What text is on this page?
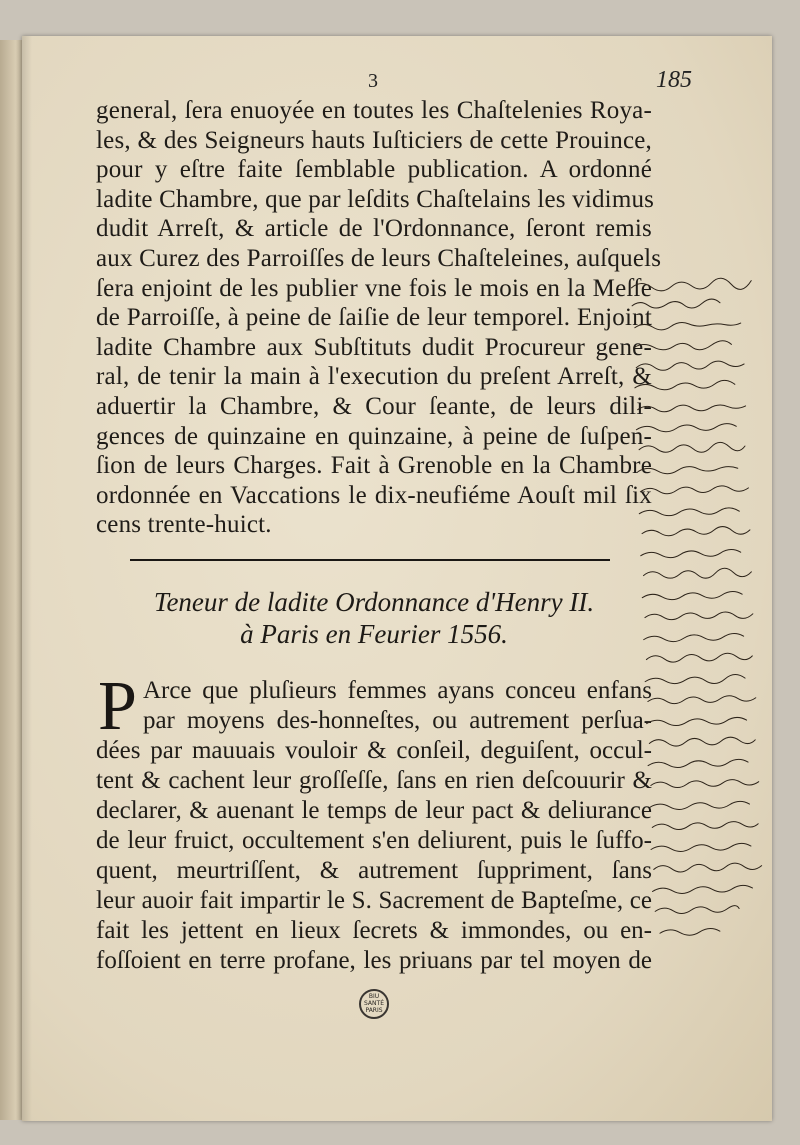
3	185
general, ſera enuoyée en toutes les Chaſtelenies Roya-
les, & des Seigneurs hauts Iuſticiers de cette Prouince,
pour y eſtre faite ſemblable publication. A ordonné
ladite Chambre, que par leſdits Chaſtelains les vidimus
dudit Arreſt, & article de l'Ordonnance, ſeront remis
aux Curez des Parroiſſes de leurs Chaſteleines, auſquels
ſera enjoint de les publier vne fois le mois en la Meſſe
de Parroiſſe, à peine de ſaiſie de leur temporel. Enjoint
ladite Chambre aux Subſtituts dudit Procureur gene-
ral, de tenir la main à l'execution du preſent Arreſt, &
aduertir la Chambre, & Cour ſeante, de leurs dili-
gences de quinzaine en quinzaine, à peine de ſuſpen-
ſion de leurs Charges. Fait à Grenoble en la Chambre
ordonnée en Vaccations le dix-neufiéme Aouſt mil ſix
cens trente-huict.
Teneur de ladite Ordonnance d'Henry II.
à Paris en Feurier 1556.
P Arce que pluſieurs femmes ayans conceu enfans
par moyens des-honneſtes, ou autrement perſua-
dées par mauuais vouloir & conſeil, deguiſent, occul-
tent & cachent leur groſſeſſe, ſans en rien deſcouurir &
declarer, & auenant le temps de leur pact & deliurance
de leur fruict, occultement s'en deliurent, puis le ſuffo-
quent, meurtriſſent, & autrement ſuppriment, ſans
leur auoir fait impartir le S. Sacrement de Bapteſme, ce
fait les jettent en lieux ſecrets & immondes, ou en-
foſſoient en terre profane, les priuans par tel moyen de
BIU
SANTÉ
PARIS
